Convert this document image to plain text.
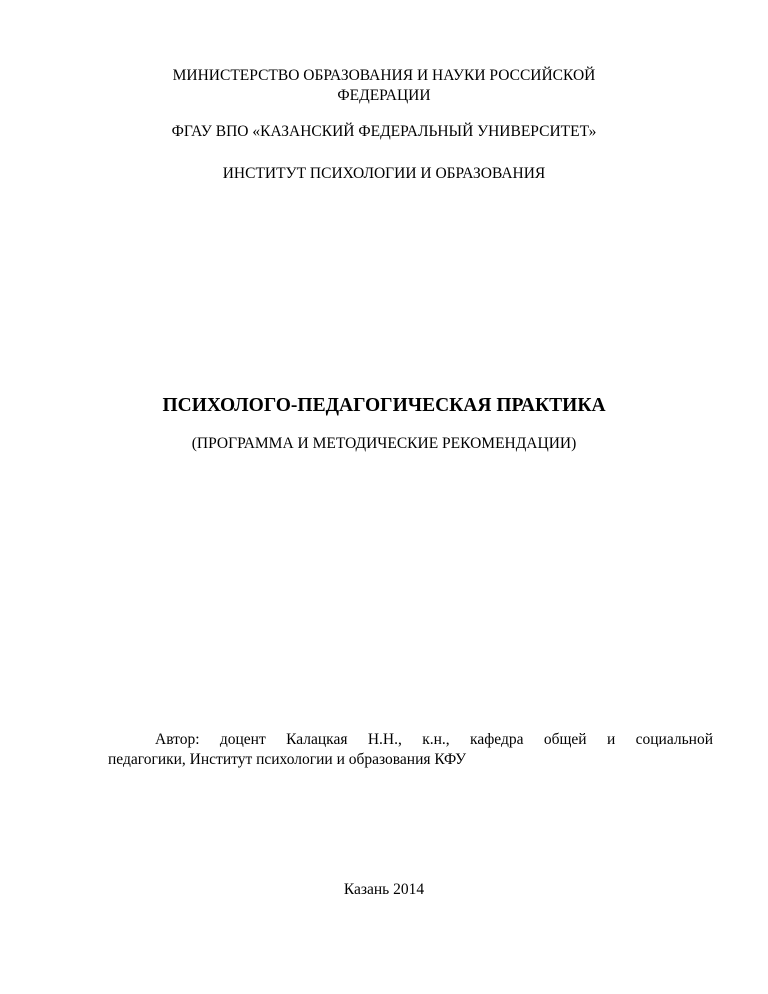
МИНИСТЕРСТВО ОБРАЗОВАНИЯ И НАУКИ РОССИЙСКОЙ
ФЕДЕРАЦИИ
ФГАУ ВПО «КАЗАНСКИЙ ФЕДЕРАЛЬНЫЙ УНИВЕРСИТЕТ»
ИНСТИТУТ ПСИХОЛОГИИ И ОБРАЗОВАНИЯ
ПСИХОЛОГО-ПЕДАГОГИЧЕСКАЯ ПРАКТИКА
(ПРОГРАММА И МЕТОДИЧЕСКИЕ РЕКОМЕНДАЦИИ)
Автор: доцент Калацкая Н.Н., к.н., кафедра общей и социальной
педагогики, Институт психологии и образования КФУ
Казань 2014
